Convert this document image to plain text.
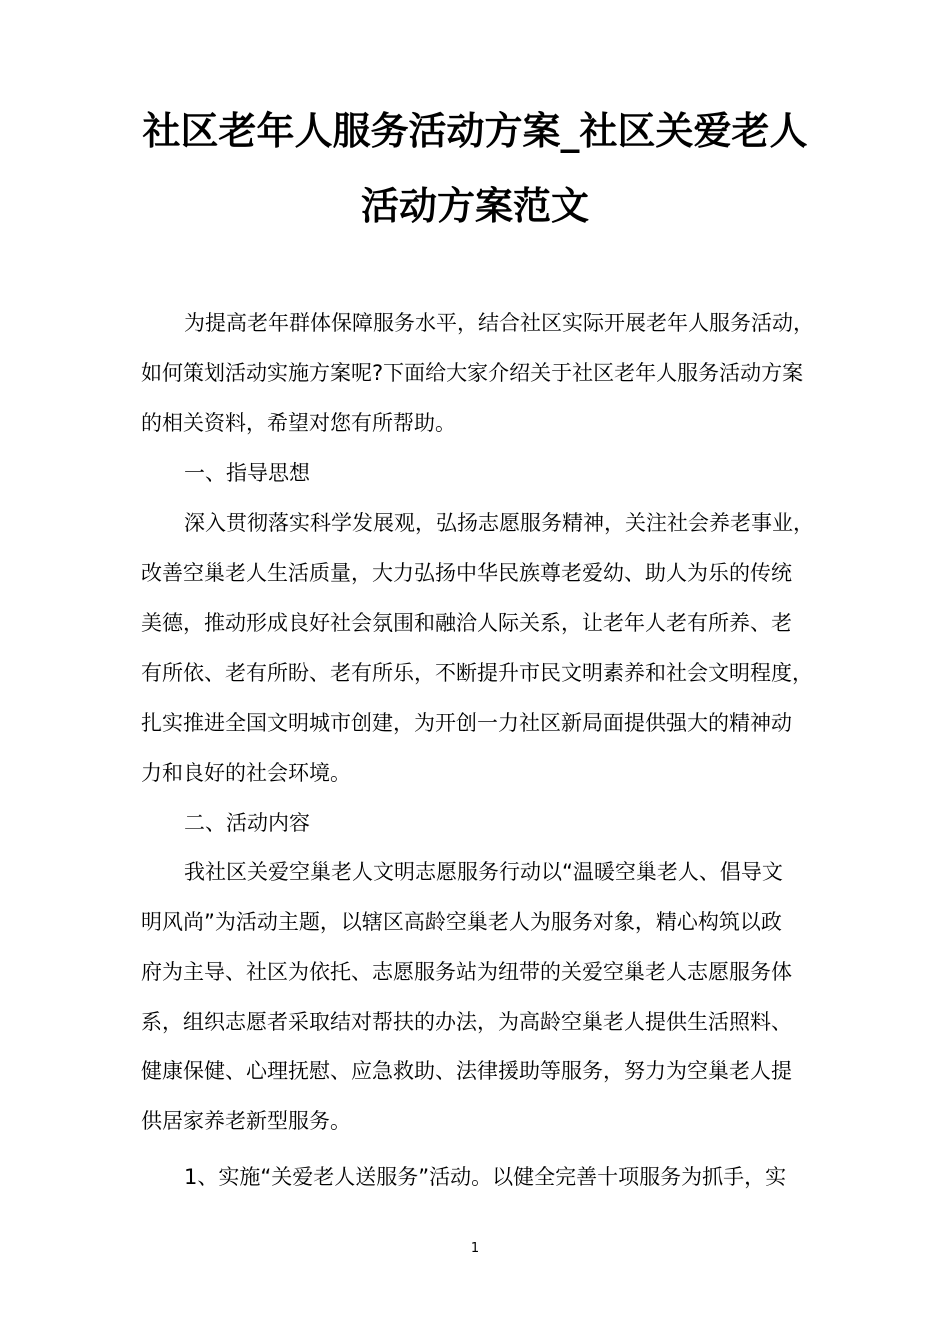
社区老年人服务活动方案_社区关爱老人
活动方案范文
为提高老年群体保障服务水平，结合社区实际开展老年人服务活动，
如何策划活动实施方案呢?下面给大家介绍关于社区老年人服务活动方案
的相关资料，希望对您有所帮助。
一、指导思想
深入贯彻落实科学发展观，弘扬志愿服务精神，关注社会养老事业，
改善空巢老人生活质量，大力弘扬中华民族尊老爱幼、助人为乐的传统
美德，推动形成良好社会氛围和融洽人际关系，让老年人老有所养、老
有所依、老有所盼、老有所乐，不断提升市民文明素养和社会文明程度，
扎实推进全国文明城市创建，为开创一力社区新局面提供强大的精神动
力和良好的社会环境。
二、活动内容
我社区关爱空巢老人文明志愿服务行动以“温暖空巢老人、倡导文
明风尚”为活动主题，以辖区高龄空巢老人为服务对象，精心构筑以政
府为主导、社区为依托、志愿服务站为纽带的关爱空巢老人志愿服务体
系，组织志愿者采取结对帮扶的办法，为高龄空巢老人提供生活照料、
健康保健、心理抚慰、应急救助、法律援助等服务，努力为空巢老人提
供居家养老新型服务。
1、实施“关爱老人送服务”活动。以健全完善十项服务为抓手，实
1
